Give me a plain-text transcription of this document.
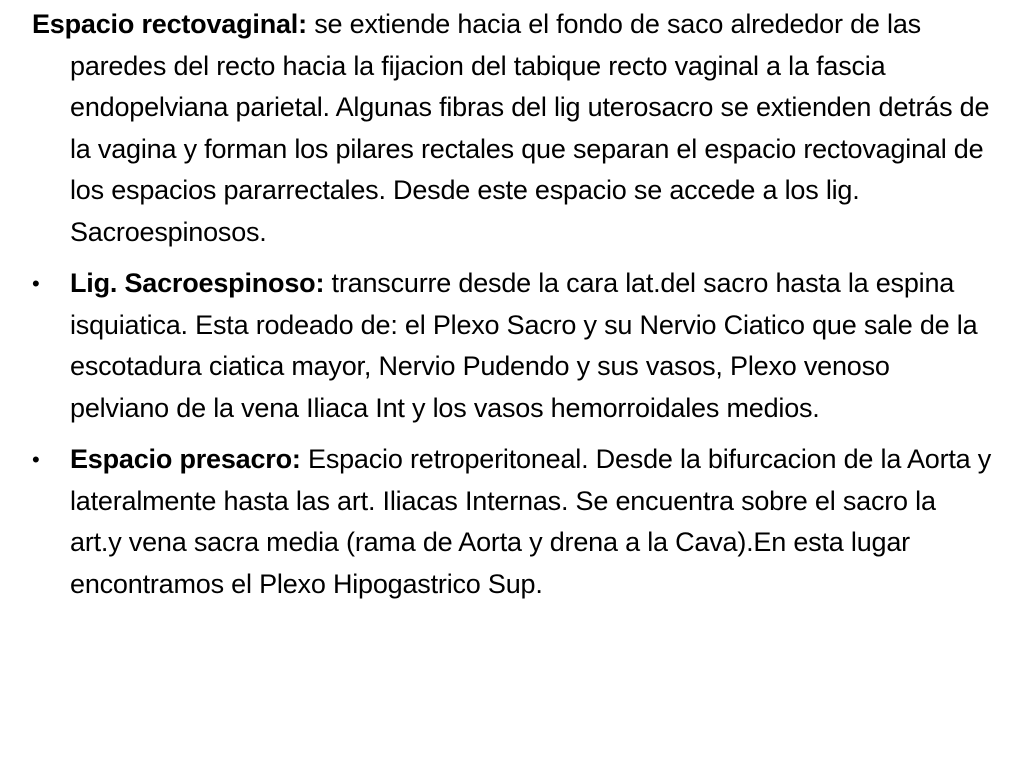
Espacio rectovaginal: se extiende hacia el fondo de saco alrededor de las paredes del recto hacia la fijacion del tabique recto vaginal a la fascia endopelviana parietal. Algunas fibras del lig uterosacro se extienden detrás de la vagina y forman los pilares rectales que separan el espacio rectovaginal de los espacios pararrectales. Desde este espacio se accede a los lig. Sacroespinosos.

• Lig. Sacroespinoso: transcurre desde la cara lat.del sacro hasta la espina isquiatica. Esta rodeado de: el Plexo Sacro y su Nervio Ciatico que sale de la escotadura ciatica mayor, Nervio Pudendo y sus vasos, Plexo venoso pelviano de la vena Iliaca Int y los vasos hemorroidales medios.

• Espacio presacro: Espacio retroperitoneal. Desde la bifurcacion de la Aorta y lateralmente hasta las art. Iliacas Internas. Se encuentra sobre el sacro la art.y vena sacra media (rama de Aorta y drena a la Cava).En esta lugar encontramos el Plexo Hipogastrico Sup.
